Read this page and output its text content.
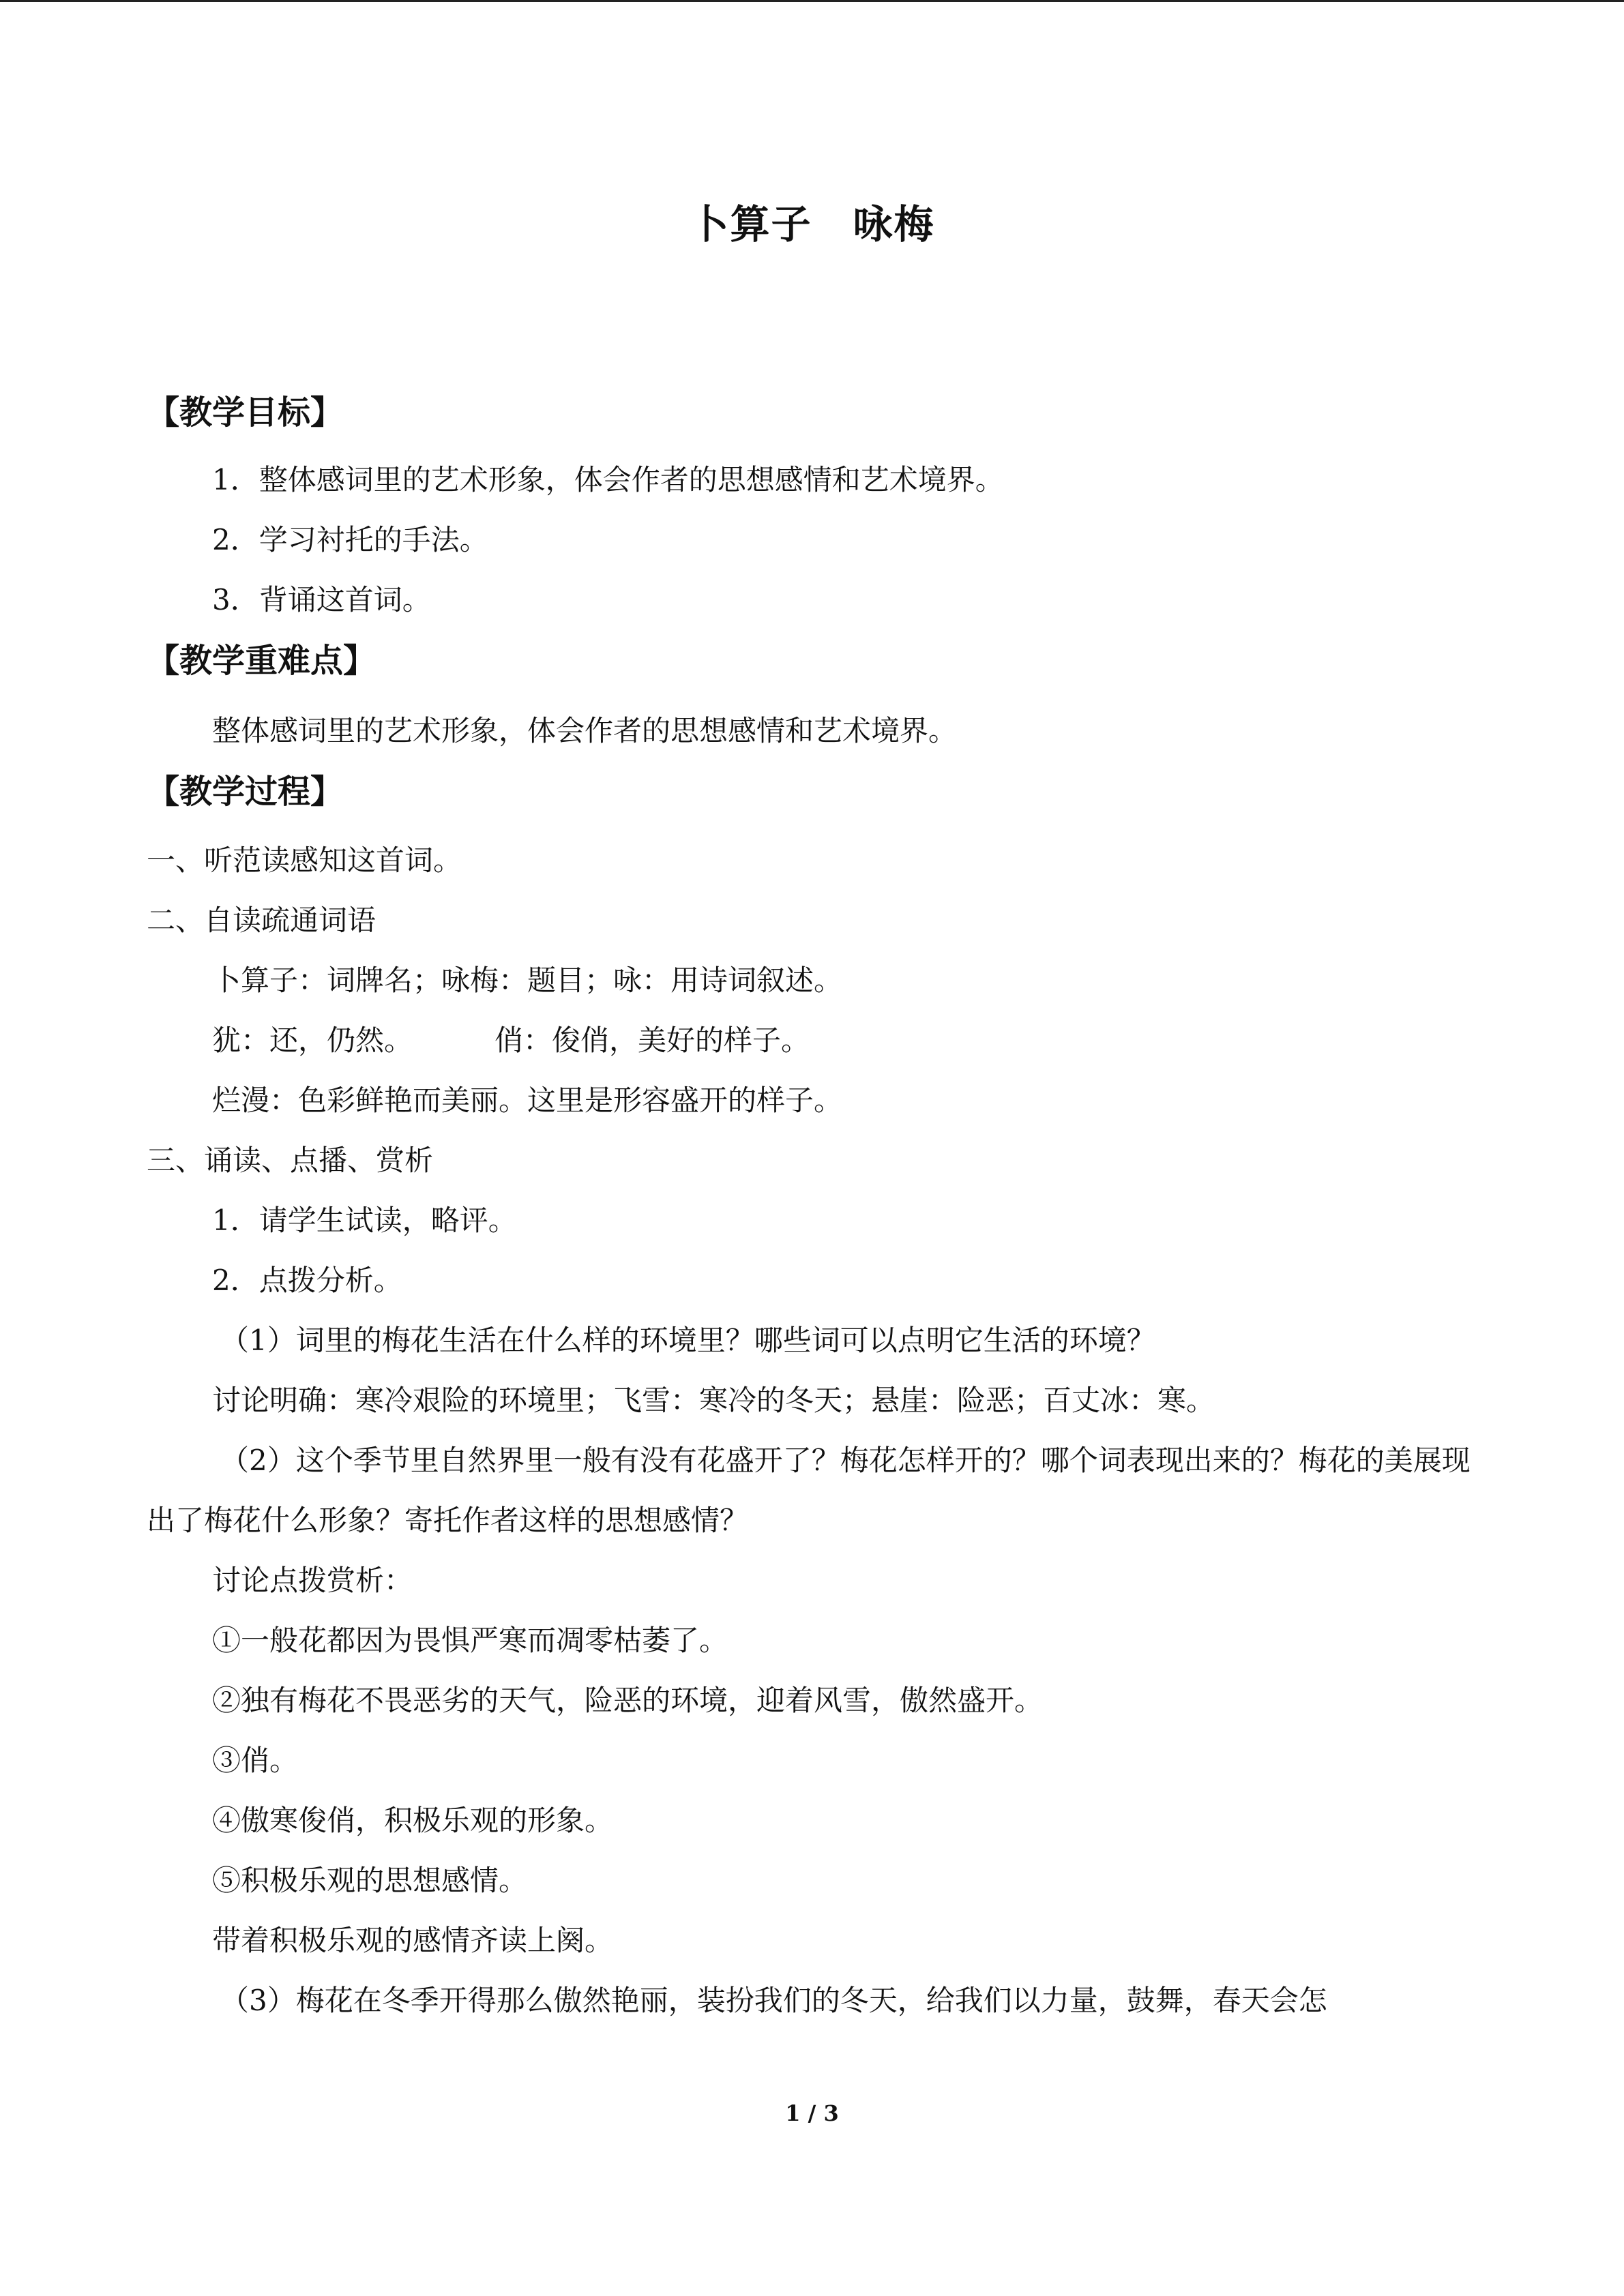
卜算子　咏梅

【教学目标】

1．整体感词里的艺术形象，体会作者的思想感情和艺术境界。

2．学习衬托的手法。

3．背诵这首词。

【教学重难点】

整体感词里的艺术形象，体会作者的思想感情和艺术境界。

【教学过程】

一、听范读感知这首词。

二、自读疏通词语

卜算子：词牌名；咏梅：题目；咏：用诗词叙述。

犹：还，仍然。	俏：俊俏，美好的样子。

烂漫：色彩鲜艳而美丽。这里是形容盛开的样子。

三、诵读、点播、赏析

1．请学生试读，略评。

2．点拨分析。

（1）词里的梅花生活在什么样的环境里？哪些词可以点明它生活的环境？

讨论明确：寒冷艰险的环境里；飞雪：寒冷的冬天；悬崖：险恶；百丈冰：寒。

（2）这个季节里自然界里一般有没有花盛开了？梅花怎样开的？哪个词表现出来的？梅花的美展现出了梅花什么形象？寄托作者这样的思想感情？

讨论点拨赏析：

①一般花都因为畏惧严寒而凋零枯萎了。

②独有梅花不畏恶劣的天气，险恶的环境，迎着风雪，傲然盛开。

③俏。

④傲寒俊俏，积极乐观的形象。

⑤积极乐观的思想感情。

带着积极乐观的感情齐读上阕。

（3）梅花在冬季开得那么傲然艳丽，装扮我们的冬天，给我们以力量，鼓舞，春天会怎

1 / 3
